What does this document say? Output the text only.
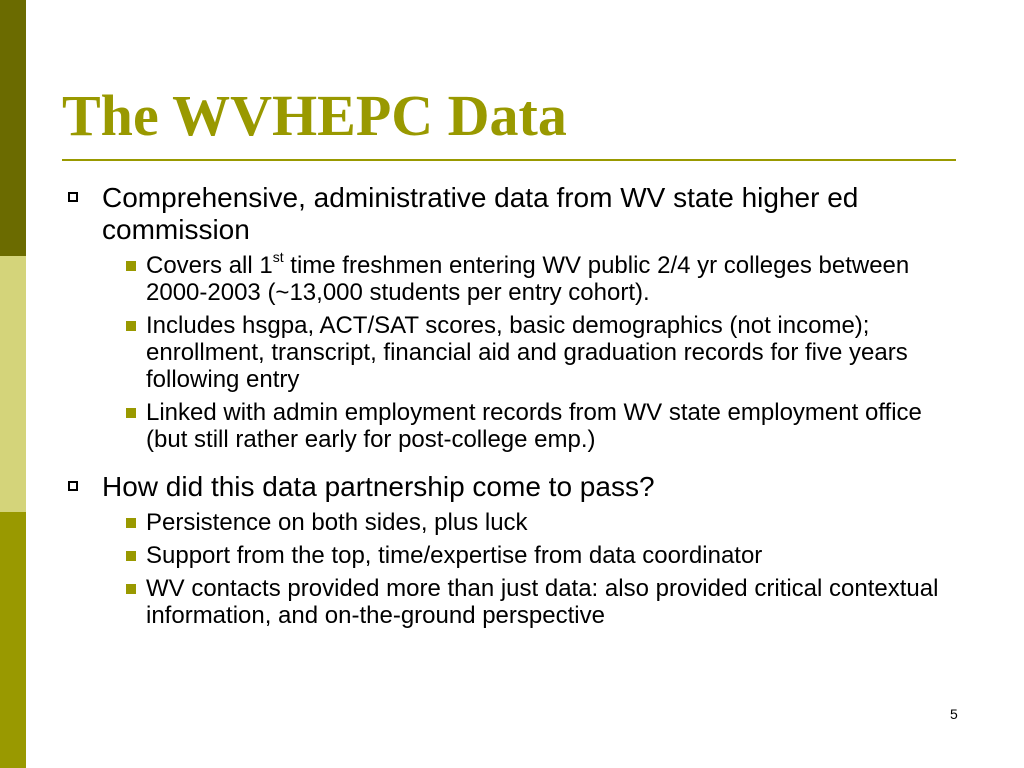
The WVHEPC Data
Comprehensive, administrative data from WV state higher ed commission
Covers all 1st time freshmen entering WV public 2/4 yr colleges between 2000-2003 (~13,000 students per entry cohort).
Includes hsgpa, ACT/SAT scores, basic demographics (not income); enrollment, transcript, financial aid and graduation records for five years following entry
Linked with admin employment records from WV state employment office (but still rather early for post-college emp.)
How did this data partnership come to pass?
Persistence on both sides, plus luck
Support from the top, time/expertise from data coordinator
WV contacts provided more than just data: also provided critical contextual information, and on-the-ground perspective
5
